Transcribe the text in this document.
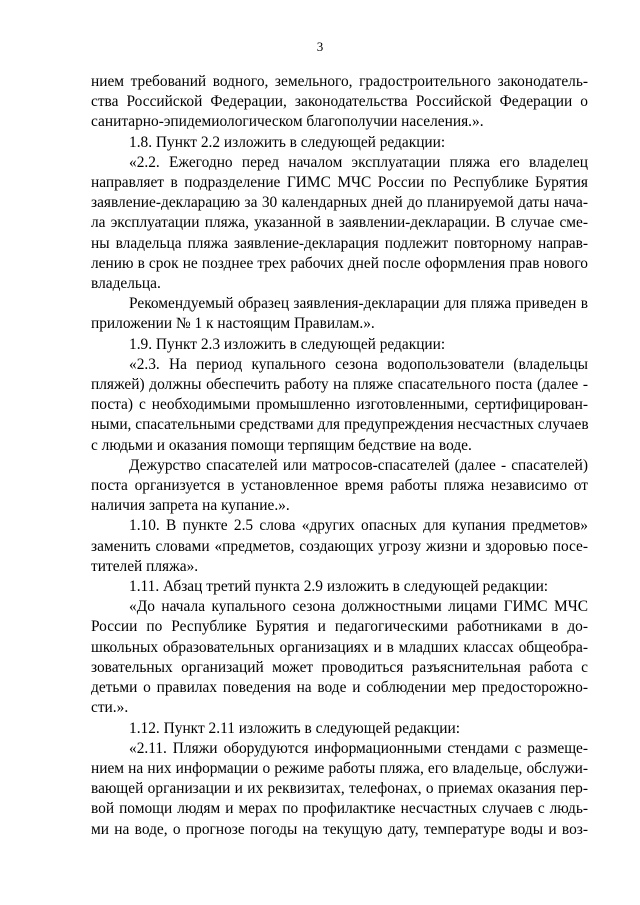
3

нием требований водного, земельного, градостроительного законодатель-
ства Российской Федерации, законодательства Российской Федерации о
санитарно-эпидемиологическом благополучии населения.».

1.8. Пункт 2.2 изложить в следующей редакции:

«2.2. Ежегодно перед началом эксплуатации пляжа его владелец
направляет в подразделение ГИМС МЧС России по Республике Бурятия
заявление-декларацию за 30 календарных дней до планируемой даты нача-
ла эксплуатации пляжа, указанной в заявлении-декларации. В случае сме-
ны владельца пляжа заявление-декларация подлежит повторному направ-
лению в срок не позднее трех рабочих дней после оформления прав нового
владельца.

Рекомендуемый образец заявления-декларации для пляжа приведен в
приложении № 1 к настоящим Правилам.».

1.9. Пункт 2.3 изложить в следующей редакции:

«2.3. На период купального сезона водопользователи (владельцы
пляжей) должны обеспечить работу на пляже спасательного поста (далее -
поста) с необходимыми промышленно изготовленными, сертифицирован-
ными, спасательными средствами для предупреждения несчастных случаев
с людьми и оказания помощи терпящим бедствие на воде.

Дежурство спасателей или матросов-спасателей (далее - спасателей)
поста организуется в установленное время работы пляжа независимо от
наличия запрета на купание.».

1.10. В пункте 2.5 слова «других опасных для купания предметов»
заменить словами «предметов, создающих угрозу жизни и здоровью посе-
тителей пляжа».

1.11. Абзац третий пункта 2.9 изложить в следующей редакции:

«До начала купального сезона должностными лицами ГИМС МЧС
России по Республике Бурятия и педагогическими работниками в до-
школьных образовательных организациях и в младших классах общеобра-
зовательных организаций может проводиться разъяснительная работа с
детьми о правилах поведения на воде и соблюдении мер предосторожно-
сти.».

1.12. Пункт 2.11 изложить в следующей редакции:

«2.11. Пляжи оборудуются информационными стендами с размеще-
нием на них информации о режиме работы пляжа, его владельце, обслужи-
вающей организации и их реквизитах, телефонах, о приемах оказания пер-
вой помощи людям и мерах по профилактике несчастных случаев с людь-
ми на воде, о прогнозе погоды на текущую дату, температуре воды и воз-
